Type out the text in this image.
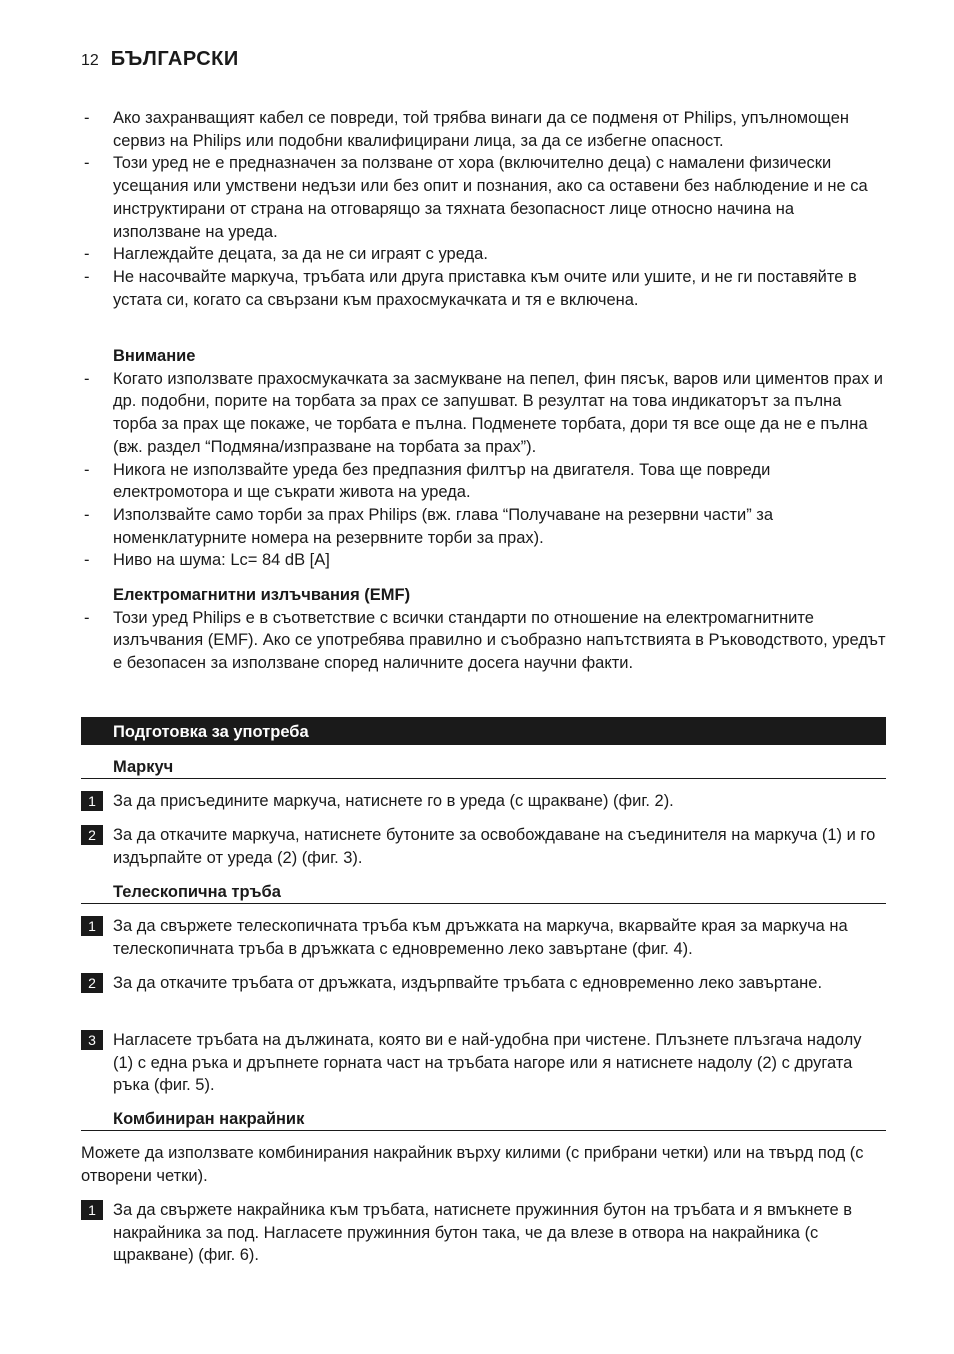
12 БЪЛГАРСКИ
- Ако захранващият кабел се повреди, той трябва винаги да се подменя от Philips, упълномощен сервиз на Philips или подобни квалифицирани лица, за да се избегне опасност.
- Този уред не е предназначен за ползване от хора (включително деца) с намалени физически усещания или умствени недъзи или без опит и познания, ако са оставени без наблюдение и не са инструктирани от страна на отговарящо за тяхната безопасност лице относно начина на използване на уреда.
- Наглеждайте децата, за да не си играят с уреда.
- Не насочвайте маркуча, тръбата или друга приставка към очите или ушите, и не ги поставяйте в устата си, когато са свързани към прахосмукачката и тя е включена.
Внимание
- Когато използвате прахосмукачката за засмукване на пепел, фин пясък, варов или циментов прах и др. подобни, порите на торбата за прах се запушват. В резултат на това индикаторът за пълна торба за прах ще покаже, че торбата е пълна. Подменете торбата, дори тя все още да не е пълна (вж. раздел “Подмяна/изпразване на торбата за прах”).
- Никога не използвайте уреда без предпазния филтър на двигателя. Това ще повреди електромотора и ще съкрати живота на уреда.
- Използвайте само торби за прах Philips (вж. глава “Получаване на резервни части” за номенклатурните номера на резервните торби за прах).
- Ниво на шума: Lc= 84 dB [A]
Електромагнитни излъчвания (EMF)
- Този уред Philips е в съответствие с всички стандарти по отношение на електромагнитните излъчвания (EMF). Ако се употребява правилно и съобразно напътствията в Ръководството, уредът е безопасен за използване според наличните досега научни факти.
Подготовка за употреба
Маркуч
1	За да присъедините маркуча, натиснете го в уреда (с щракване) (фиг. 2).
2	За да откачите маркуча, натиснете бутоните за освобождаване на съединителя на маркуча (1) и го издърпайте от уреда (2) (фиг. 3).
Телескопична тръба
1	За да свържете телескопичната тръба към дръжката на маркуча, вкарвайте края за маркуча на телескопичната тръба в дръжката с едновременно леко завъртане (фиг. 4).
2	За да откачите тръбата от дръжката, издърпвайте тръбата с едновременно леко завъртане.
3	Нагласете тръбата на дължината, която ви е най-удобна при чистене. Плъзнете плъзгача надолу (1) с една ръка и дръпнете горната част на тръбата нагоре или я натиснете надолу (2) с другата ръка (фиг. 5).
Комбиниран накрайник
Можете да използвате комбинирания накрайник върху килими (с прибрани четки) или на твърд под (с отворени четки).
1	За да свържете накрайника към тръбата, натиснете пружинния бутон на тръбата и я вмъкнете в накрайника за под. Нагласете пружинния бутон така, че да влезе в отвора на накрайника (с щракване) (фиг. 6).
